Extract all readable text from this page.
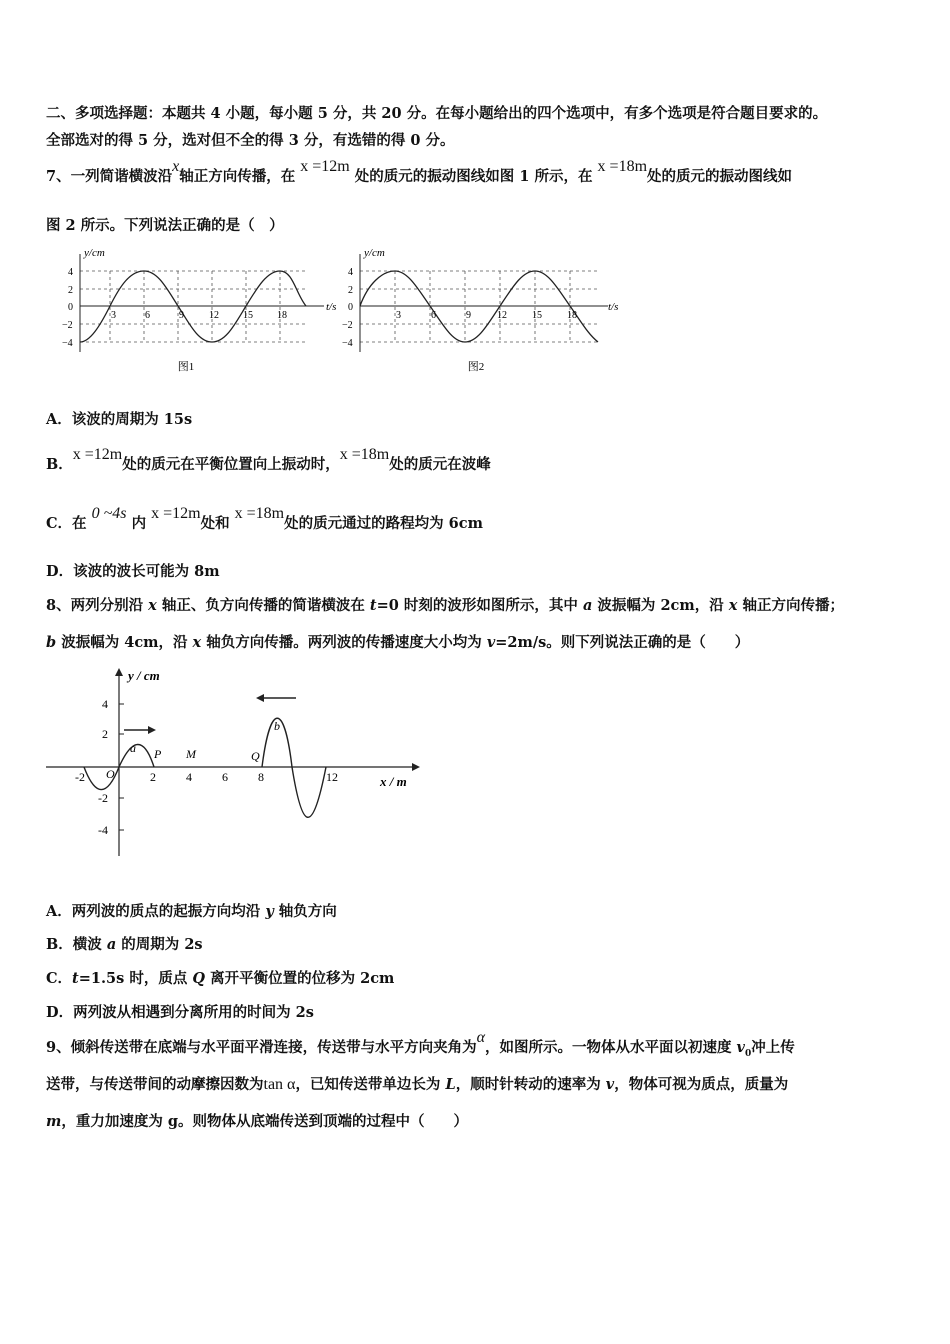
二、多项选择题：本题共 4 小题，每小题 5 分，共 20 分。在每小题给出的四个选项中，有多个选项是符合题目要求的。
全部选对的得 5 分，选对但不全的得 3 分，有选错的得 0 分。
7、一列简谐横波沿x轴正方向传播，在 x =12m 处的质元的振动图线如图 1 所示，在 x =18m处的质元的振动图线如
图 2 所示。下列说法正确的是（　）
y/cm
t/s
4
2
0
−2
−4
3	6	9	12 15 18
图1
y/cm
t/s
4
2
0
−2
−4
3	6	9	12	15	18
图2
A．该波的周期为 15s
B．x =12m处的质元在平衡位置向上振动时，x =18m处的质元在波峰
C．在 0 ~4s 内 x =12m处和 x =18m处的质元通过的路程均为 6cm
D．该波的波长可能为 8m
8、两列分别沿 x 轴正、负方向传播的简谐横波在 t=0 时刻的波形如图所示，其中 a 波振幅为 2cm，沿 x 轴正方向传播；
b 波振幅为 4cm，沿 x 轴负方向传播。两列波的传播速度大小均为 v=2m/s。则下列说法正确的是（　　）
y / cm
x / m
4
2
-2
-4
-2	2	4	6	8	12
O
a
b
P M	Q
A．两列波的质点的起振方向均沿 y 轴负方向
B．横波 a 的周期为 2s
C．t=1.5s 时，质点 Q 离开平衡位置的位移为 2cm
D．两列波从相遇到分离所用的时间为 2s
9、倾斜传送带在底端与水平面平滑连接，传送带与水平方向夹角为α，如图所示。一物体从水平面以初速度 $v_0$冲上传
送带，与传送带间的动摩擦因数为tan α，已知传送带单边长为 L，顺时针转动的速率为 v，物体可视为质点，质量为
m，重力加速度为 g。则物体从底端传送到顶端的过程中（　　）
